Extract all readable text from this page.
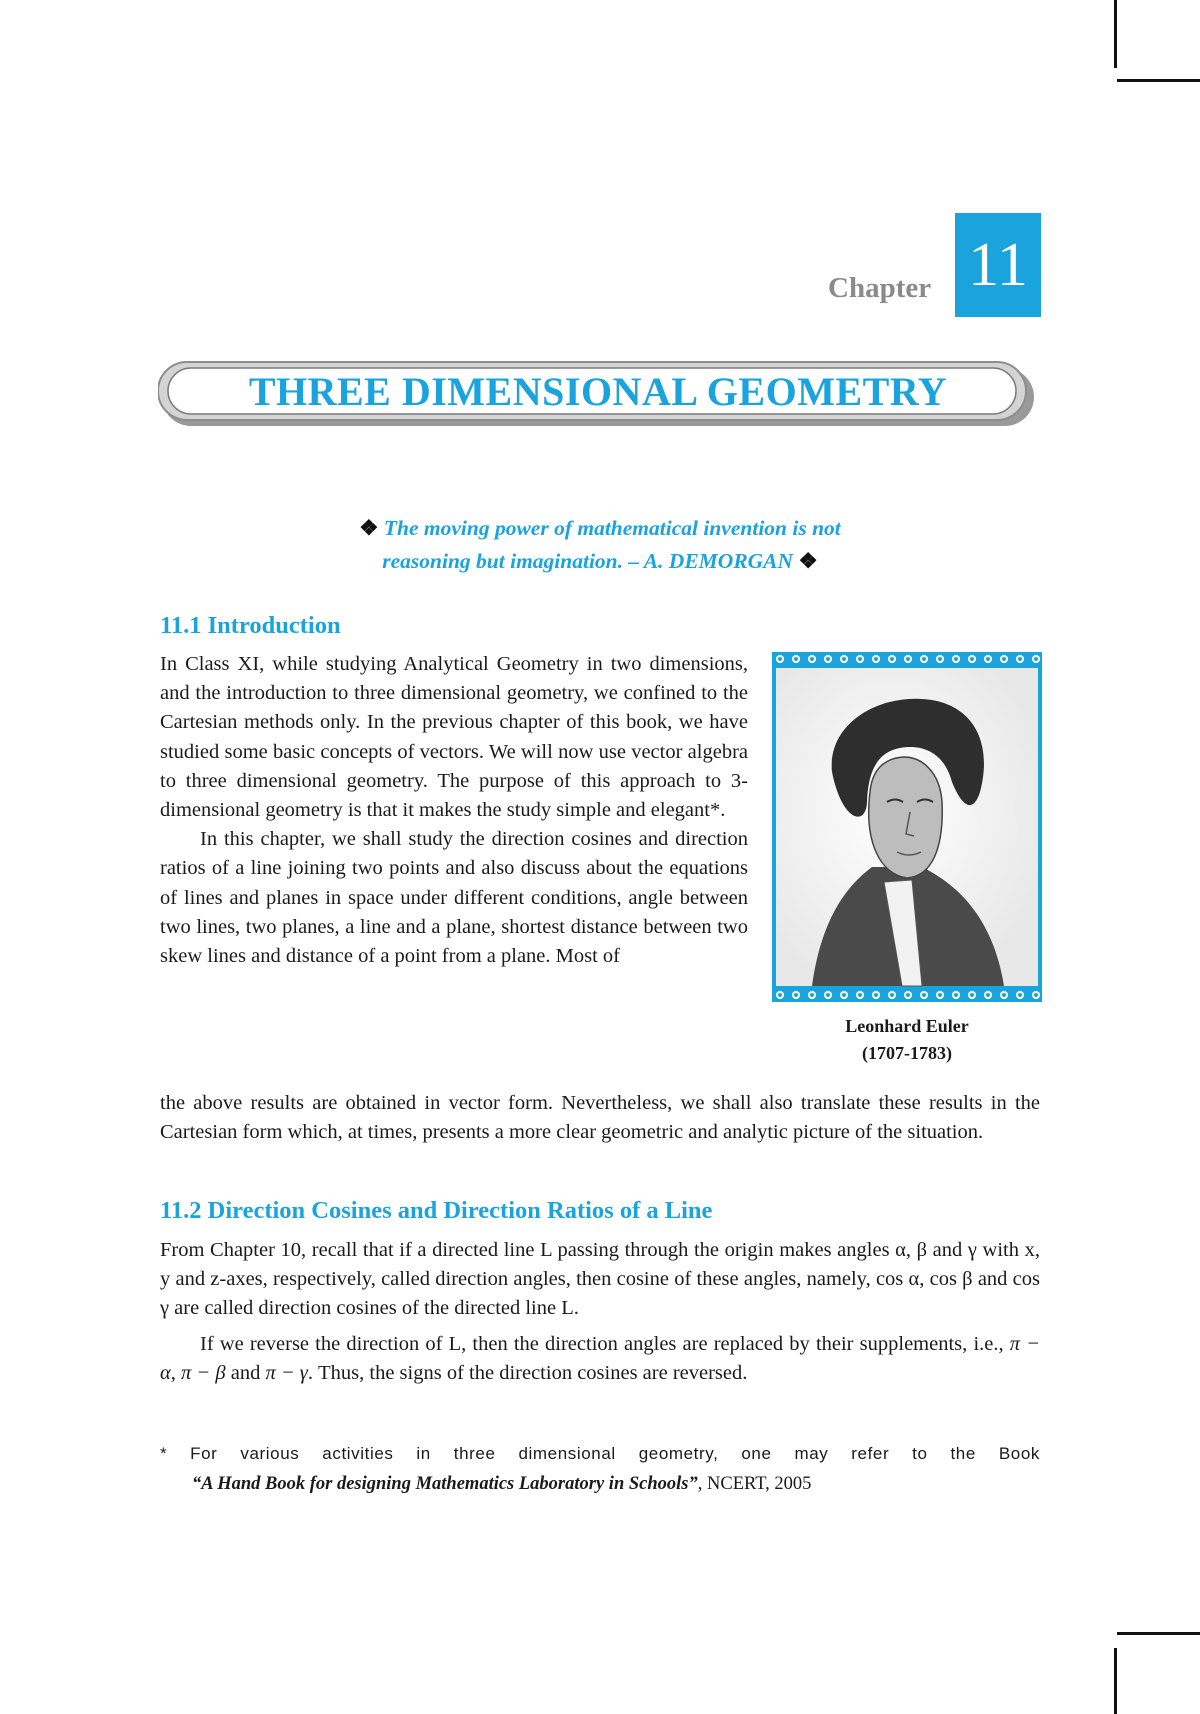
Chapter 11
THREE DIMENSIONAL GEOMETRY
❖ The moving power of mathematical invention is not
reasoning but imagination. – A. DEMORGAN ❖
11.1 Introduction

In Class XI, while studying Analytical Geometry in two dimensions, and the introduction to three dimensional geometry, we confined to the Cartesian methods only. In the previous chapter of this book, we have studied some basic concepts of vectors. We will now use vector algebra to three dimensional geometry. The purpose of this approach to 3-dimensional geometry is that it makes the study simple and elegant*.

In this chapter, we shall study the direction cosines and direction ratios of a line joining two points and also discuss about the equations of lines and planes in space under different conditions, angle between two lines, two planes, a line and a plane, shortest distance between two skew lines and distance of a point from a plane. Most of

Leonhard Euler
(1707-1783)

the above results are obtained in vector form. Nevertheless, we shall also translate these results in the Cartesian form which, at times, presents a more clear geometric and analytic picture of the situation.

11.2 Direction Cosines and Direction Ratios of a Line

From Chapter 10, recall that if a directed line L passing through the origin makes angles α, β and γ with x, y and z-axes, respectively, called direction angles, then cosine of these angles, namely, cos α, cos β and cos γ are called direction cosines of the directed line L.

If we reverse the direction of L, then the direction angles are replaced by their supplements, i.e., π − α, π − β and π − γ. Thus, the signs of the direction cosines are reversed.

* For various activities in three dimensional geometry, one may refer to the Book
“A Hand Book for designing Mathematics Laboratory in Schools”, NCERT, 2005
